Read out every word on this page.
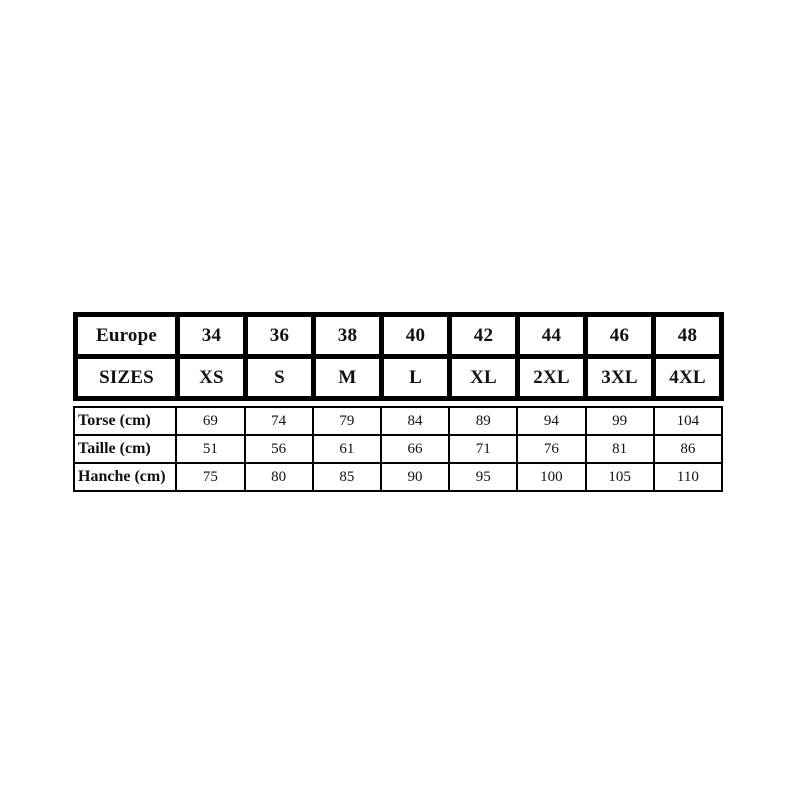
Europe	34	36	38	40	42	44	46	48
SIZES	XS	S	M	L	XL	2XL	3XL	4XL
Torse (cm)	69	74	79	84	89	94	99	104
Taille (cm)	51	56	61	66	71	76	81	86
Hanche (cm)	75	80	85	90	95	100	105	110
